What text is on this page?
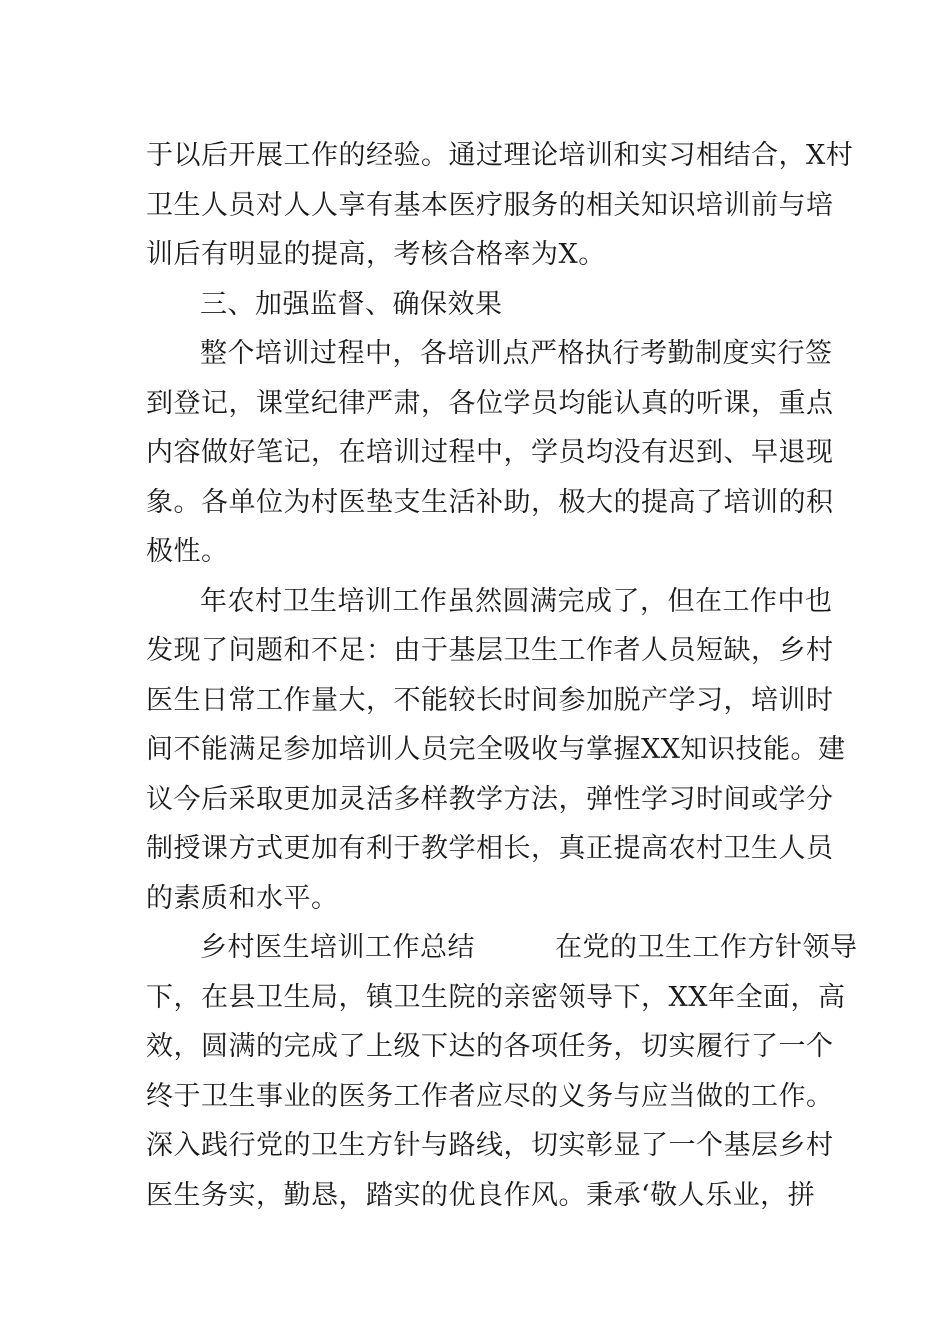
于以后开展工作的经验。通过理论培训和实习相结合，X村
卫生人员对人人享有基本医疗服务的相关知识培训前与培
训后有明显的提高，考核合格率为X。
三、加强监督、确保效果
整个培训过程中，各培训点严格执行考勤制度实行签
到登记，课堂纪律严肃，各位学员均能认真的听课，重点
内容做好笔记，在培训过程中，学员均没有迟到、早退现
象。各单位为村医垫支生活补助，极大的提高了培训的积
极性。
年农村卫生培训工作虽然圆满完成了，但在工作中也
发现了问题和不足：由于基层卫生工作者人员短缺，乡村
医生日常工作量大，不能较长时间参加脱产学习，培训时
间不能满足参加培训人员完全吸收与掌握XX知识技能。建
议今后采取更加灵活多样教学方法，弹性学习时间或学分
制授课方式更加有利于教学相长，真正提高农村卫生人员
的素质和水平。
乡村医生培训工作总结	在党的卫生工作方针领导
下，在县卫生局，镇卫生院的亲密领导下，XX年全面，高
效，圆满的完成了上级下达的各项任务，切实履行了一个
终于卫生事业的医务工作者应尽的义务与应当做的工作。
深入践行党的卫生方针与路线，切实彰显了一个基层乡村
医生务实，勤恳，踏实的优良作风。秉承‘敬人乐业，拼
